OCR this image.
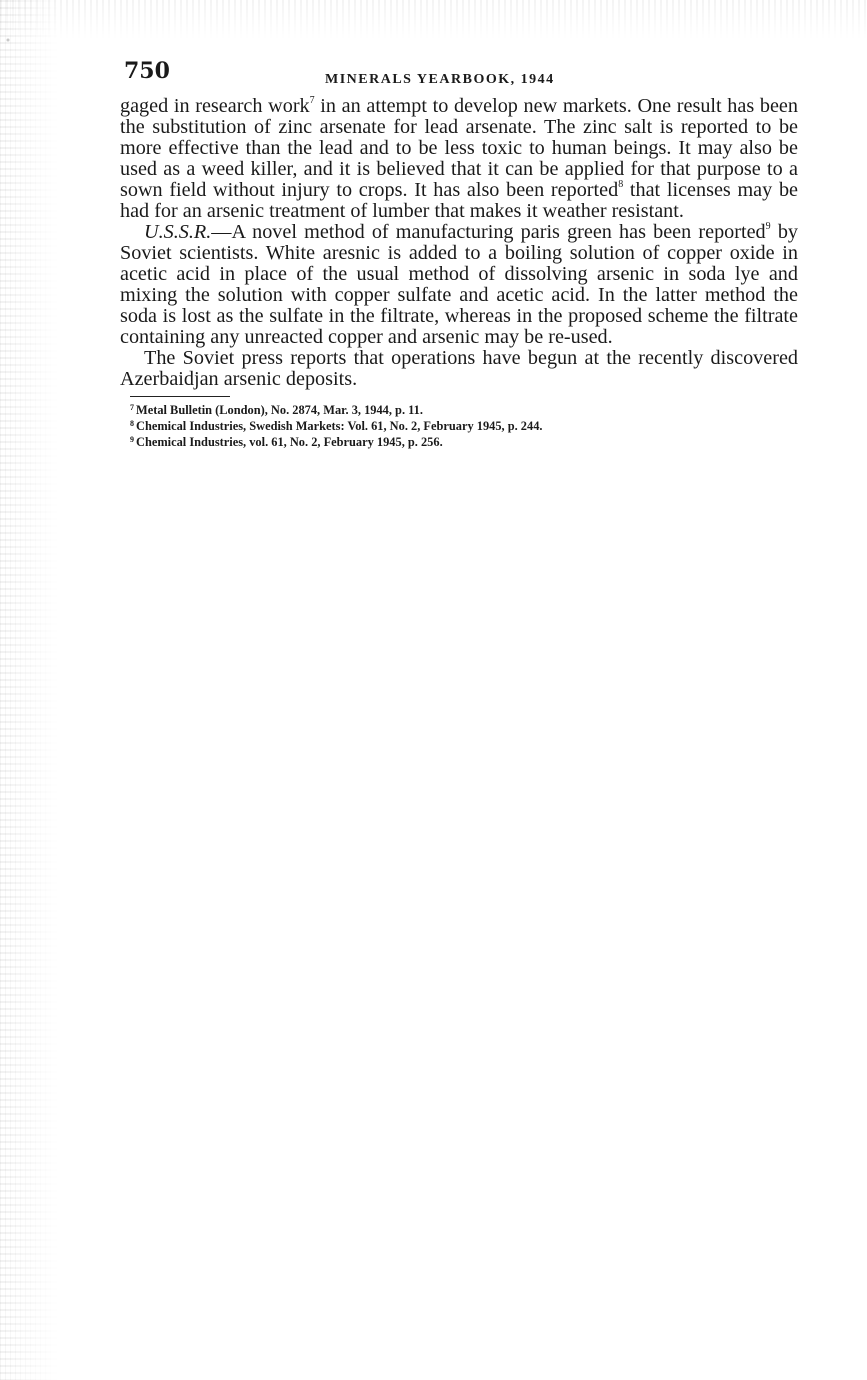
750	MINERALS YEARBOOK, 1944

gaged in research work$^7$ in an attempt to develop new markets. One result has been the substitution of zinc arsenate for lead arsenate. The zinc salt is reported to be more effective than the lead and to be less toxic to human beings. It may also be used as a weed killer, and it is believed that it can be applied for that purpose to a sown field without injury to crops. It has also been reported$^8$ that licenses may be had for an arsenic treatment of lumber that makes it weather resistant.

U.S.S.R.—A novel method of manufacturing paris green has been reported$^9$ by Soviet scientists. White aresnic is added to a boiling solution of copper oxide in acetic acid in place of the usual method of dissolving arsenic in soda lye and mixing the solution with copper sulfate and acetic acid. In the latter method the soda is lost as the sulfate in the filtrate, whereas in the proposed scheme the filtrate containing any unreacted copper and arsenic may be re-used.

The Soviet press reports that operations have begun at the recently discovered Azerbaidjan arsenic deposits.

$^7$ Metal Bulletin (London), No. 2874, Mar. 3, 1944, p. 11.

$^8$ Chemical Industries, Swedish Markets: Vol. 61, No. 2, February 1945, p. 244.

$^9$ Chemical Industries, vol. 61, No. 2, February 1945, p. 256.
